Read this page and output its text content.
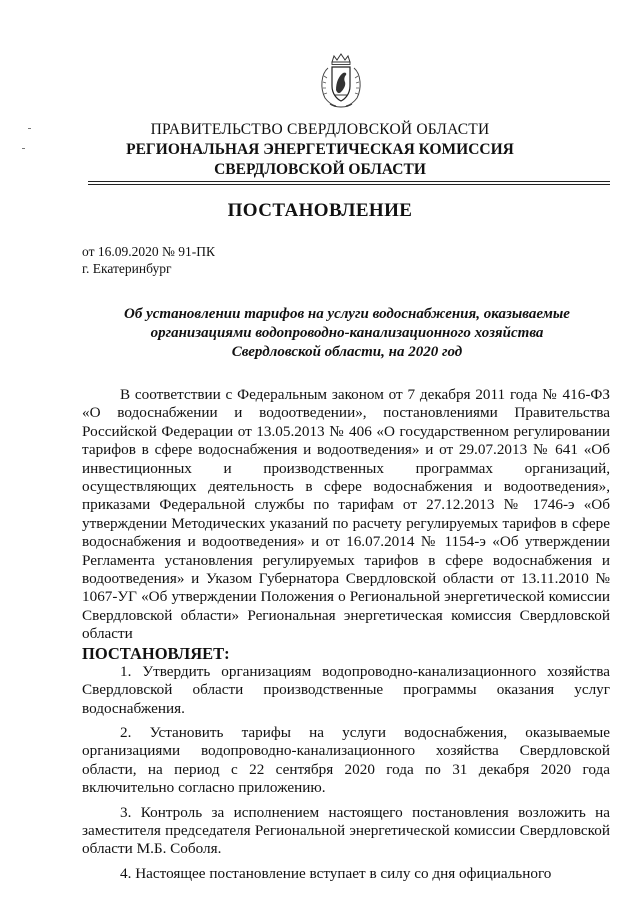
ПРАВИТЕЛЬСТВО СВЕРДЛОВСКОЙ ОБЛАСТИ
РЕГИОНАЛЬНАЯ ЭНЕРГЕТИЧЕСКАЯ КОМИССИЯ
СВЕРДЛОВСКОЙ ОБЛАСТИ
ПОСТАНОВЛЕНИЕ
от 16.09.2020 № 91-ПК
г. Екатеринбург
Об установлении тарифов на услуги водоснабжения, оказываемые
организациями водопроводно-канализационного хозяйства
Свердловской области, на 2020 год

В соответствии с Федеральным законом от 7 декабря 2011 года № 416-ФЗ «О водоснабжении и водоотведении», постановлениями Правительства Российской Федерации от 13.05.2013 № 406 «О государственном регулировании тарифов в сфере водоснабжения и водоотведения» и от 29.07.2013 № 641 «Об инвестиционных и производственных программах организаций, осуществляющих деятельность в сфере водоснабжения и водоотведения», приказами Федеральной службы по тарифам от 27.12.2013 № 1746-э «Об утверждении Методических указаний по расчету регулируемых тарифов в сфере водоснабжения и водоотведения» и от 16.07.2014 № 1154-э «Об утверждении Регламента установления регулируемых тарифов в сфере водоснабжения и водоотведения» и Указом Губернатора Свердловской области от 13.11.2010 № 1067-УГ «Об утверждении Положения о Региональной энергетической комиссии Свердловской области» Региональная энергетическая комиссия Свердловской области

ПОСТАНОВЛЯЕТ:

1. Утвердить организациям водопроводно-канализационного хозяйства Свердловской области производственные программы оказания услуг водоснабжения.

2. Установить тарифы на услуги водоснабжения, оказываемые организациями водопроводно-канализационного хозяйства Свердловской области, на период с 22 сентября 2020 года по 31 декабря 2020 года включительно согласно приложению.

3. Контроль за исполнением настоящего постановления возложить на заместителя председателя Региональной энергетической комиссии Свердловской области М.Б. Соболя.

4. Настоящее постановление вступает в силу со дня официального
